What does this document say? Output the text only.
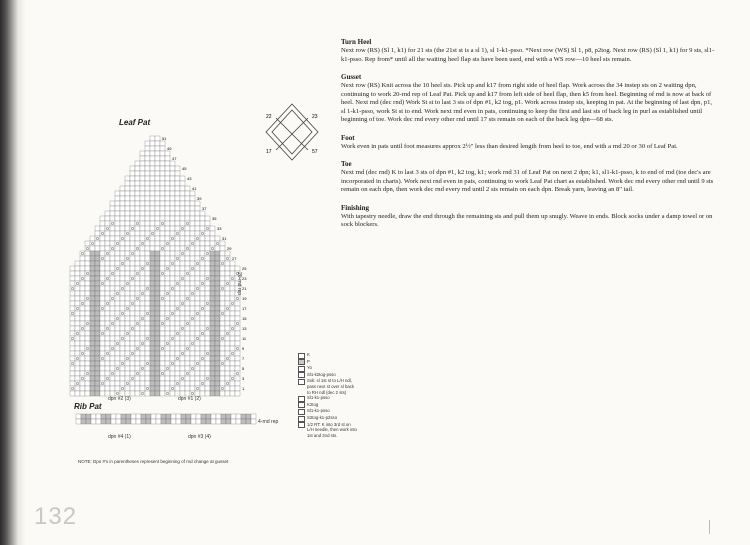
Leaf Pat
51
49
47
45
43
41
39
37
35
33
31
29
27
25
23
21
19
17
15
13
11
9
7
5
3
1
20-rnd rep
dpn #2 (3)	dpn #1 (2)
Rib Pat
4-rnd rep
dpn #4 (1)	dpn #3 (4)
NOTE: Dpn #'s in parentheses represent beginning of rnd change at gusset
22	23
17	57
K
P
Yo
Sl1-k2tog-psso
Ssk: sl 1st st to L/H ndl, pass next st over sl back to RH ndl (dec 2 sts)
Sl1-k1-psso
K2tog
Sl1-k1-psso
S2tog-k1-p2sso
1/2 RT: K into 3rd st on L/H needle, then work into 1st and 2nd sts.
Turn Heel

Next row (RS) (Sl 1, k1) for 21 sts (the 21st st is a sl 1), sl 1-k1-psso. *Next row (WS) Sl 1, p8, p2tog. Next row (RS) (Sl 1, k1) for 9 sts, sl1-k1-psso. Rep from* until all the waiting heel flap sts have been used, end with a WS row—10 heel sts remain.

Gusset

Next row (RS) Knit across the 10 heel sts. Pick up and k17 from right side of heel flap. Work across the 34 instep sts on 2 waiting dpn, continuing to work 20-rnd rep of Leaf Pat. Pick up and k17 from left side of heel flap, then k5 from heel. Beginning of rnd is now at back of heel. Next rnd (dec rnd) Work St st to last 3 sts of dpn #1, k2 tog, p1. Work across instep sts, keeping in pat. At the beginning of last dpn, p1, sl 1-k1-psso, work St st to end. Work next rnd even in pats, continuing to keep the first and last sts of back leg in purl as established until beginning of toe. Work dec rnd every other rnd until 17 sts remain on each of the back leg dpn—68 sts.

Foot

Work even in pats until foot measures approx 2½" less than desired length from heel to toe, end with a rnd 20 or 30 of Leaf Pat.

Toe

Next rnd (dec rnd) K to last 3 sts of dpn #1, k2 tog, k1; work rnd 31 of Leaf Pat on next 2 dpn; k1, sl1-k1-psso, k to end of rnd (toe dec's are incorporated in charts). Work next rnd even in pats, continuing to work Leaf Pat chart as established. Work dec rnd every other rnd until 9 sts remain on each dpn, then work dec rnd every rnd until 2 sts remain on each dpn. Break yarn, leaving an 8" tail.

Finishing

With tapestry needle, draw the end through the remaining sts and pull them up snugly. Weave in ends. Block socks under a damp towel or on sock blockers.

132
